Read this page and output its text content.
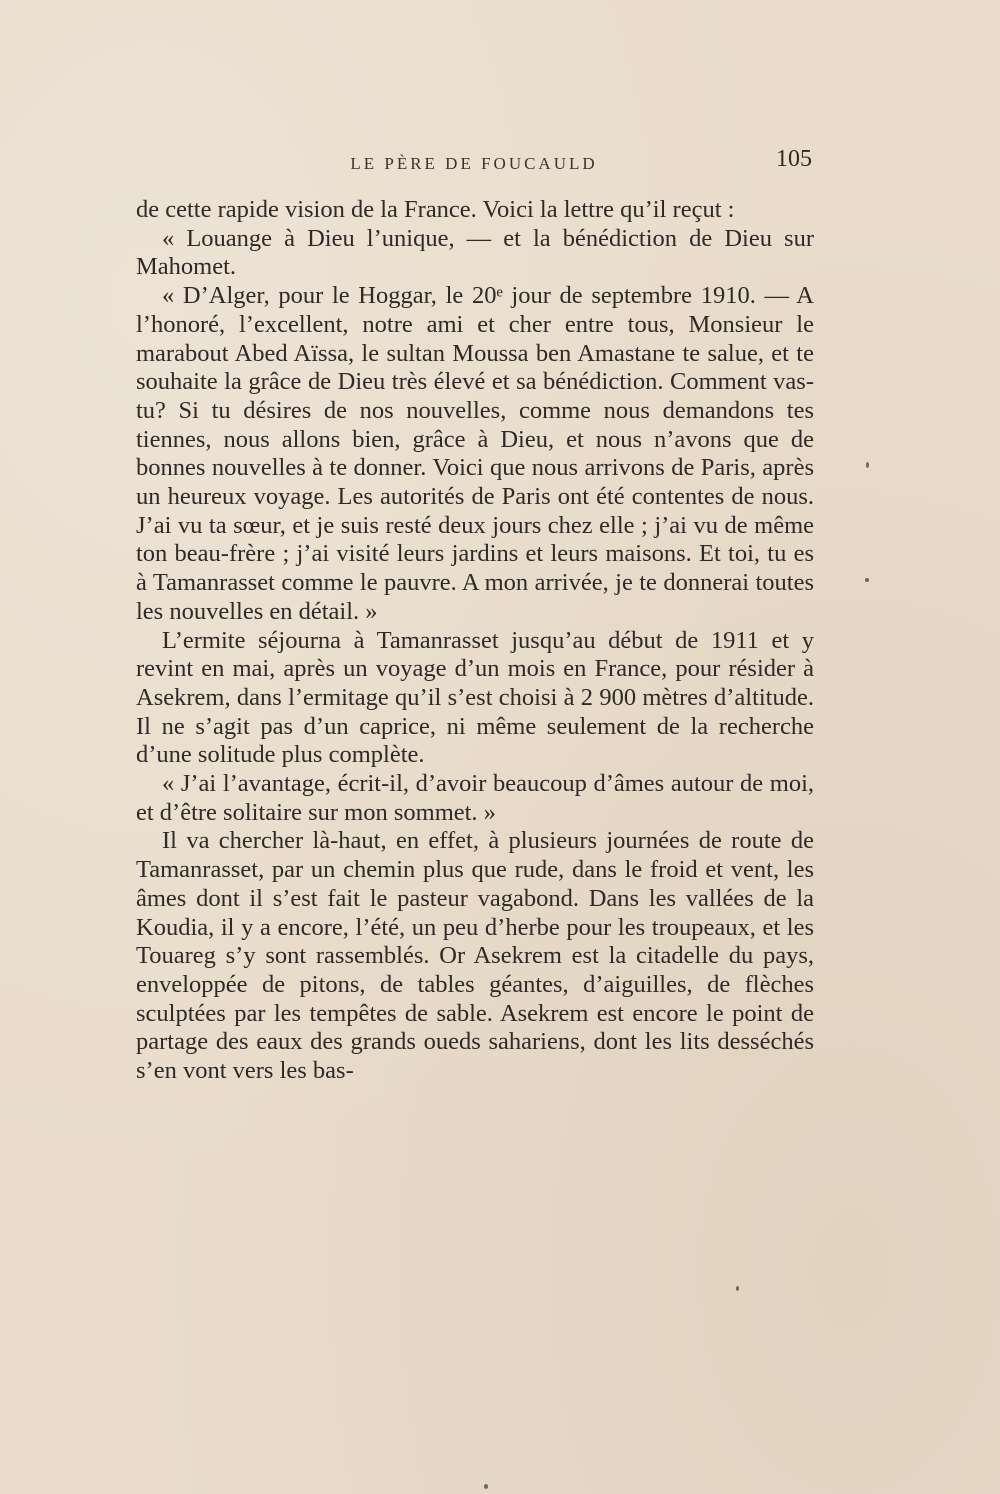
LE PÈRE DE FOUCAULD	105

de cette rapide vision de la France. Voici la lettre qu’il reçut :

« Louange à Dieu l’unique, — et la bénédiction de Dieu sur Mahomet.

« D’Alger, pour le Hoggar, le 20ᵉ jour de septembre 1910. — A l’honoré, l’excellent, notre ami et cher entre tous, Monsieur le marabout Abed Aïssa, le sultan Moussa ben Amastane te salue, et te souhaite la grâce de Dieu très élevé et sa bénédiction. Comment vas-tu? Si tu désires de nos nouvelles, comme nous demandons tes tiennes, nous allons bien, grâce à Dieu, et nous n’avons que de bonnes nouvelles à te donner. Voici que nous arrivons de Paris, après un heureux voyage. Les autorités de Paris ont été contentes de nous. J’ai vu ta sœur, et je suis resté deux jours chez elle ; j’ai vu de même ton beau-frère ; j’ai visité leurs jardins et leurs maisons. Et toi, tu es à Tamanrasset comme le pauvre. A mon arrivée, je te donnerai toutes les nouvelles en détail. »

L’ermite séjourna à Tamanrasset jusqu’au début de 1911 et y revint en mai, après un voyage d’un mois en France, pour résider à Asekrem, dans l’ermitage qu’il s’est choisi à 2 900 mètres d’altitude. Il ne s’agit pas d’un caprice, ni même seulement de la recherche d’une solitude plus complète.

« J’ai l’avantage, écrit-il, d’avoir beaucoup d’âmes autour de moi, et d’être solitaire sur mon sommet. »

Il va chercher là-haut, en effet, à plusieurs journées de route de Tamanrasset, par un chemin plus que rude, dans le froid et vent, les âmes dont il s’est fait le pasteur vagabond. Dans les vallées de la Koudia, il y a encore, l’été, un peu d’herbe pour les troupeaux, et les Touareg s’y sont rassemblés. Or Asekrem est la citadelle du pays, enveloppée de pitons, de tables géantes, d’aiguilles, de flèches sculptées par les tempêtes de sable. Asekrem est encore le point de partage des eaux des grands oueds sahariens, dont les lits desséchés s’en vont vers les bas-
